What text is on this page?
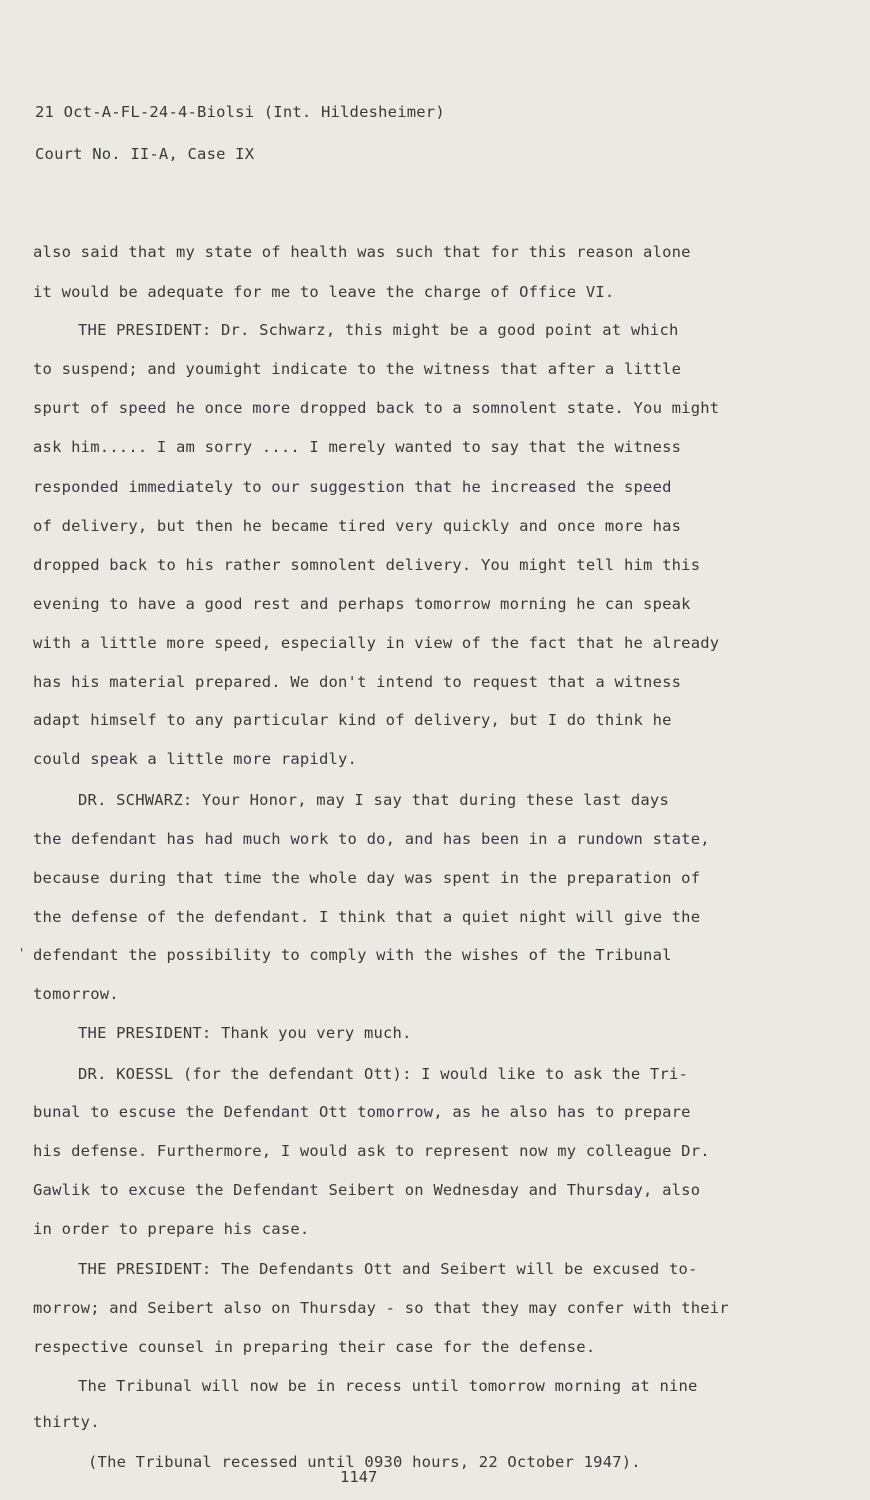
21 Oct-A-FL-24-4-Biolsi (Int. Hildesheimer)
Court No. II-A, Case IX
also said that my state of health was such that for this reason alone
it would be adequate for me to leave the charge of Office VI.
THE PRESIDENT: Dr. Schwarz, this might be a good point at which
to suspend; and youmight indicate to the witness that after a little
spurt of speed he once more dropped back to a somnolent state. You might
ask him..... I am sorry .... I merely wanted to say that the witness
responded immediately to our suggestion that he increased the speed
of delivery, but then he became tired very quickly and once more has
dropped back to his rather somnolent delivery. You might tell him this
evening to have a good rest and perhaps tomorrow morning he can speak
with a little more speed, especially in view of the fact that he already
has his material prepared. We don't intend to request that a witness
adapt himself to any particular kind of delivery, but I do think he
could speak a little more rapidly.
DR. SCHWARZ: Your Honor, may I say that during these last days
the defendant has had much work to do, and has been in a rundown state,
because during that time the whole day was spent in the preparation of
the defense of the defendant. I think that a quiet night will give the
' defendant the possibility to comply with the wishes of the Tribunal
tomorrow.
THE PRESIDENT: Thank you very much.
DR. KOESSL (for the defendant Ott): I would like to ask the Tri-
bunal to escuse the Defendant Ott tomorrow, as he also has to prepare
his defense. Furthermore, I would ask to represent now my colleague Dr.
Gawlik to excuse the Defendant Seibert on Wednesday and Thursday, also
in order to prepare his case.
THE PRESIDENT: The Defendants Ott and Seibert will be excused to-
morrow; and Seibert also on Thursday - so that they may confer with their
respective counsel in preparing their case for the defense.
The Tribunal will now be in recess until tomorrow morning at nine
thirty.
(The Tribunal recessed until 0930 hours, 22 October 1947).
1147
